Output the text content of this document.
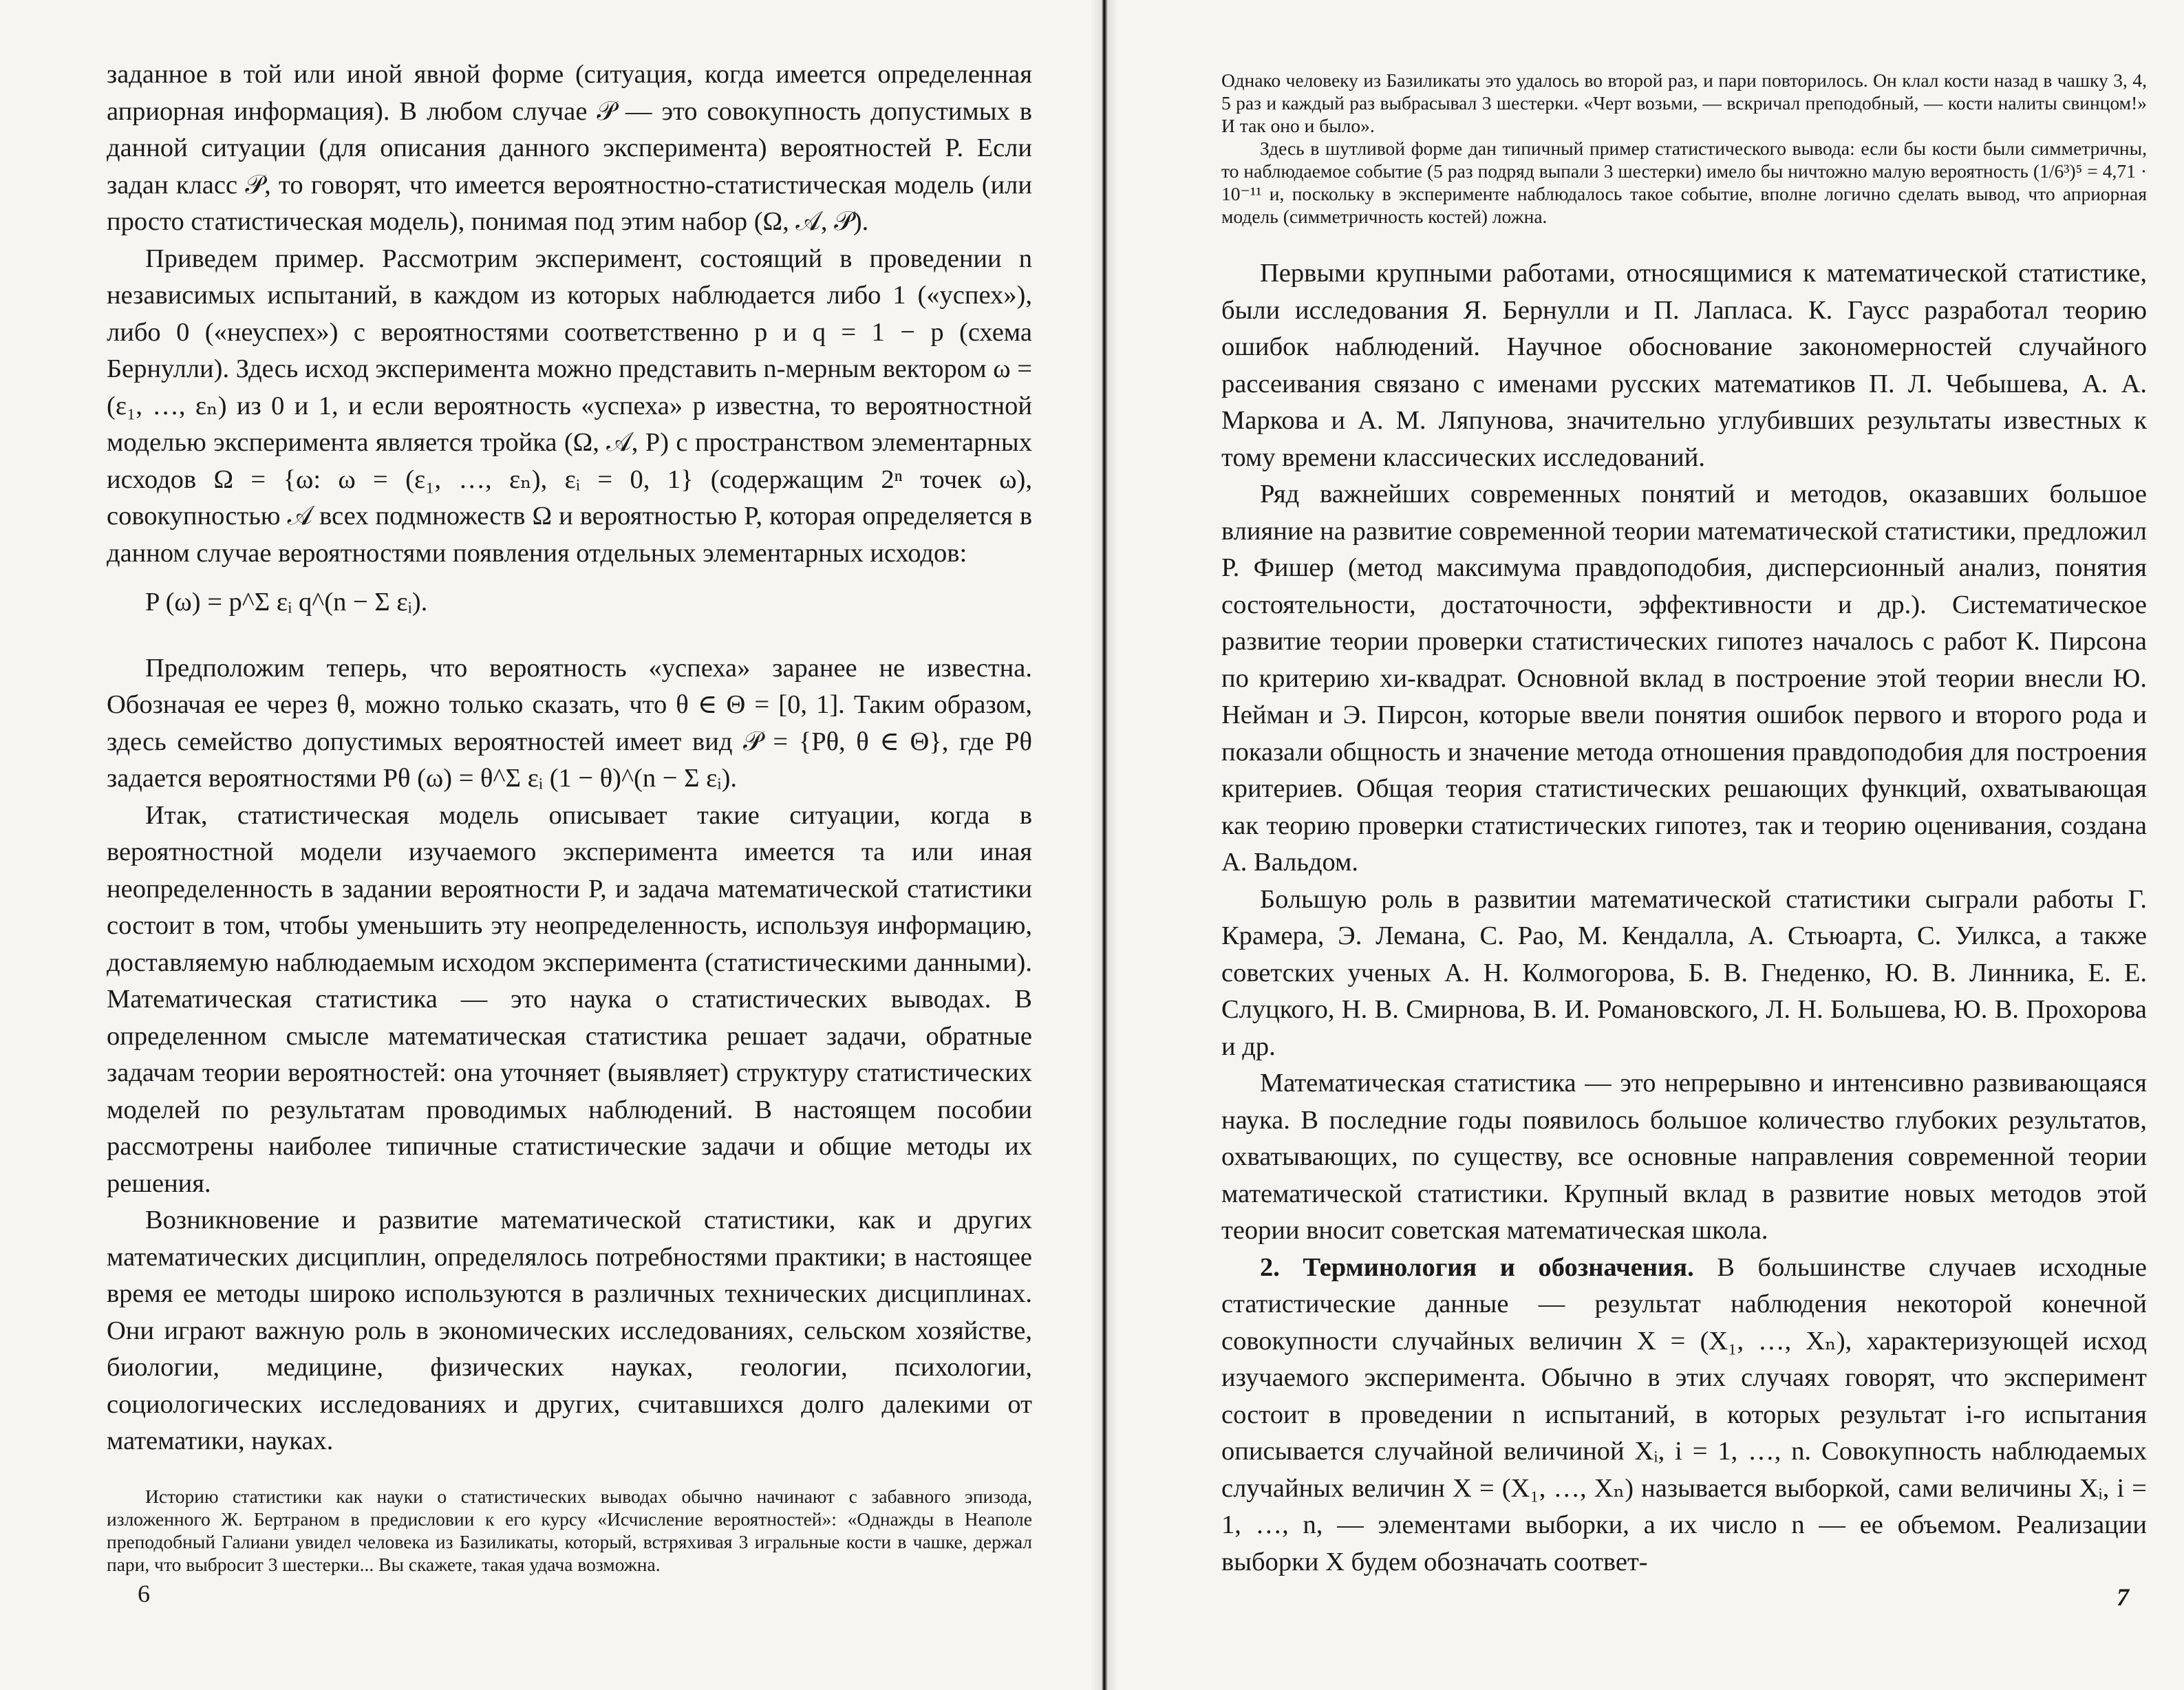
заданное в той или иной явной форме (ситуация, когда имеется определенная априорная информация). В любом случае 𝒫 — это совокупность допустимых в данной ситуации (для описания данного эксперимента) вероятностей P. Если задан класс 𝒫, то говорят, что имеется вероятностно-статистическая модель (или просто статистическая модель), понимая под этим набор (Ω, 𝒜, 𝒫).

Приведем пример. Рассмотрим эксперимент, состоящий в проведении n независимых испытаний, в каждом из которых наблюдается либо 1 («успех»), либо 0 («неуспех») с вероятностями соответственно p и q = 1 − p (схема Бернулли). Здесь исход эксперимента можно представить n-мерным вектором ω = (ε₁, …, εₙ) из 0 и 1, и если вероятность «успеха» p известна, то вероятностной моделью эксперимента является тройка (Ω, 𝒜, P) с пространством элементарных исходов Ω = {ω: ω = (ε₁, …, εₙ), εᵢ = 0, 1} (содержащим 2ⁿ точек ω), совокупностью 𝒜 всех подмножеств Ω и вероятностью P, которая определяется в данном случае вероятностями появления отдельных элементарных исходов:

P (ω) = p^Σ εᵢ q^(n − Σ εᵢ).

Предположим теперь, что вероятность «успеха» заранее не известна. Обозначая ее через θ, можно только сказать, что θ ∈ Θ = [0, 1]. Таким образом, здесь семейство допустимых вероятностей имеет вид 𝒫 = {Pθ, θ ∈ Θ}, где Pθ задается вероятностями Pθ (ω) = θ^Σ εᵢ (1 − θ)^(n − Σ εᵢ).

Итак, статистическая модель описывает такие ситуации, когда в вероятностной модели изучаемого эксперимента имеется та или иная неопределенность в задании вероятности P, и задача математической статистики состоит в том, чтобы уменьшить эту неопределенность, используя информацию, доставляемую наблюдаемым исходом эксперимента (статистическими данными). Математическая статистика — это наука о статистических выводах. В определенном смысле математическая статистика решает задачи, обратные задачам теории вероятностей: она уточняет (выявляет) структуру статистических моделей по результатам проводимых наблюдений. В настоящем пособии рассмотрены наиболее типичные статистические задачи и общие методы их решения.

Возникновение и развитие математической статистики, как и других математических дисциплин, определялось потребностями практики; в настоящее время ее методы широко используются в различных технических дисциплинах. Они играют важную роль в экономических исследованиях, сельском хозяйстве, биологии, медицине, физических науках, геологии, психологии, социологических исследованиях и других, считавшихся долго далекими от математики, науках.

Историю статистики как науки о статистических выводах обычно начинают с забавного эпизода, изложенного Ж. Бертраном в предисловии к его курсу «Исчисление вероятностей»: «Однажды в Неаполе преподобный Галиани увидел человека из Базиликаты, который, встряхивая 3 игральные кости в чашке, держал пари, что выбросит 3 шестерки... Вы скажете, такая удача возможна.

6

Однако человеку из Базиликаты это удалось во второй раз, и пари повторилось. Он клал кости назад в чашку 3, 4, 5 раз и каждый раз выбрасывал 3 шестерки. «Черт возьми, — вскричал преподобный, — кости налиты свинцом!» И так оно и было».

Здесь в шутливой форме дан типичный пример статистического вывода: если бы кости были симметричны, то наблюдаемое событие (5 раз подряд выпали 3 шестерки) имело бы ничтожно малую вероятность (1/6³)⁵ = 4,71 · 10⁻¹¹ и, поскольку в эксперименте наблюдалось такое событие, вполне логично сделать вывод, что априорная модель (симметричность костей) ложна.

Первыми крупными работами, относящимися к математической статистике, были исследования Я. Бернулли и П. Лапласа. К. Гаусс разработал теорию ошибок наблюдений. Научное обоснование закономерностей случайного рассеивания связано с именами русских математиков П. Л. Чебышева, А. А. Маркова и А. М. Ляпунова, значительно углубивших результаты известных к тому времени классических исследований.

Ряд важнейших современных понятий и методов, оказавших большое влияние на развитие современной теории математической статистики, предложил Р. Фишер (метод максимума правдоподобия, дисперсионный анализ, понятия состоятельности, достаточности, эффективности и др.). Систематическое развитие теории проверки статистических гипотез началось с работ К. Пирсона по критерию хи-квадрат. Основной вклад в построение этой теории внесли Ю. Нейман и Э. Пирсон, которые ввели понятия ошибок первого и второго рода и показали общность и значение метода отношения правдоподобия для построения критериев. Общая теория статистических решающих функций, охватывающая как теорию проверки статистических гипотез, так и теорию оценивания, создана А. Вальдом.

Большую роль в развитии математической статистики сыграли работы Г. Крамера, Э. Лемана, С. Рао, М. Кендалла, А. Стьюарта, С. Уилкса, а также советских ученых А. Н. Колмогорова, Б. В. Гнеденко, Ю. В. Линника, Е. Е. Слуцкого, Н. В. Смирнова, В. И. Романовского, Л. Н. Большева, Ю. В. Прохорова и др.

Математическая статистика — это непрерывно и интенсивно развивающаяся наука. В последние годы появилось большое количество глубоких результатов, охватывающих, по существу, все основные направления современной теории математической статистики. Крупный вклад в развитие новых методов этой теории вносит советская математическая школа.

2. Терминология и обозначения. В большинстве случаев исходные статистические данные — результат наблюдения некоторой конечной совокупности случайных величин X = (X₁, …, Xₙ), характеризующей исход изучаемого эксперимента. Обычно в этих случаях говорят, что эксперимент состоит в проведении n испытаний, в которых результат i-го испытания описывается случайной величиной Xᵢ, i = 1, …, n. Совокупность наблюдаемых случайных величин X = (X₁, …, Xₙ) называется выборкой, сами величины Xᵢ, i = 1, …, n, — элементами выборки, а их число n — ее объемом. Реализации выборки X будем обозначать соответ-

7
